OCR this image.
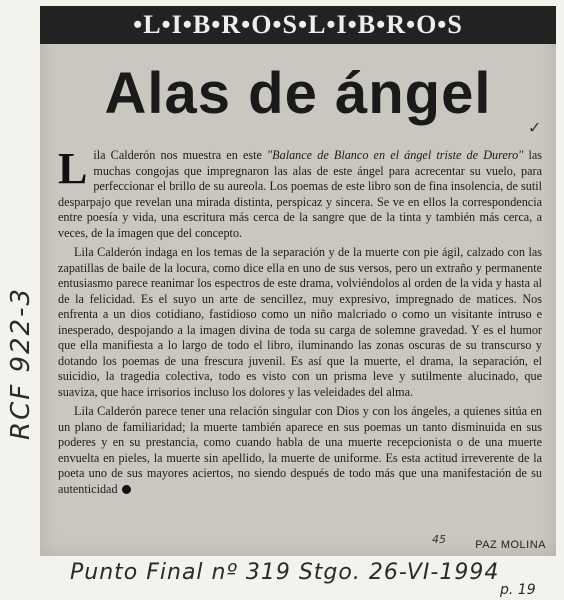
•L•I•B•R•O•S•L•I•B•R•O•S
Alas de ángel
✓

Lila Calderón nos muestra en este "Balance de Blanco en el ángel triste de Durero" las muchas congojas que impregnaron las alas de este ángel para acrecentar su vuelo, para perfeccionar el brillo de su aureola. Los poemas de este libro son de fina insolencia, de sutil desparpajo que revelan una mirada distinta, perspicaz y sincera. Se ve en ellos la correspondencia entre poesía y vida, una escritura más cerca de la sangre que de la tinta y también más cerca, a veces, de la imagen que del concepto.

Lila Calderón indaga en los temas de la separación y de la muerte con pie ágil, calzado con las zapatillas de baile de la locura, como dice ella en uno de sus versos, pero un extraño y permanente entusiasmo parece reanimar los espectros de este drama, volviéndolos al orden de la vida y hasta al de la felicidad. Es el suyo un arte de sencillez, muy expresivo, impregnado de matices. Nos enfrenta a un dios cotidiano, fastidioso como un niño malcriado o como un visitante intruso e inesperado, despojando a la imagen divina de toda su carga de solemne gravedad. Y es el humor que ella manifiesta a lo largo de todo el libro, iluminando las zonas oscuras de su transcurso y dotando los poemas de una frescura juvenil. Es así que la muerte, el drama, la separación, el suicidio, la tragedia colectiva, todo es visto con un prisma leve y sutilmente alucinado, que suaviza, que hace irrisorios incluso los dolores y las veleidades del alma.

Lila Calderón parece tener una relación singular con Dios y con los ángeles, a quienes sitúa en un plano de familiaridad; la muerte también aparece en sus poemas un tanto disminuida en sus poderes y en su prestancia, como cuando habla de una muerte recepcionista o de una muerte envuelta en pieles, la muerte sin apellido, la muerte de uniforme. Es esta actitud irreverente de la poeta uno de sus mayores aciertos, no siendo después de todo más que una manifestación de su autenticidad

PAZ MOLINA
RCF 922-3
45
Punto Final nº 319 Stgo. 26-VI-1994
p. 19
